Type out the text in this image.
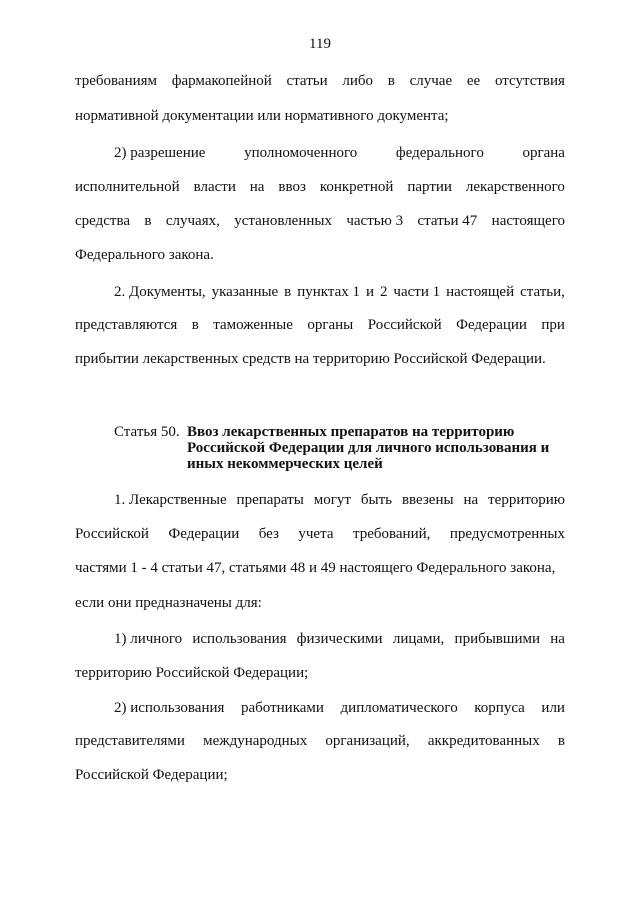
119
требованиям фармакопейной статьи либо в случае ее отсутствия
нормативной документации или нормативного документа;
2) разрешение	уполномоченного	федерального	органа
исполнительной власти на ввоз конкретной партии лекарственного
средства в случаях, установленных частью 3 статьи 47 настоящего
Федерального закона.
2. Документы, указанные в пунктах 1 и 2 части 1 настоящей статьи,
представляются в таможенные органы Российской Федерации при
прибытии лекарственных средств на территорию Российской Федерации.
Статья 50. Ввоз лекарственных препаратов на территорию
Российской Федерации для личного использования и
иных некоммерческих целей
1. Лекарственные препараты могут быть ввезены на территорию
Российской Федерации без учета требований, предусмотренных
частями 1 - 4 статьи 47, статьями 48 и 49 настоящего Федерального закона,
если они предназначены для:
1) личного использования физическими лицами, прибывшими на
территорию Российской Федерации;
2) использования работниками дипломатического корпуса или
представителями международных организаций, аккредитованных в
Российской Федерации;
